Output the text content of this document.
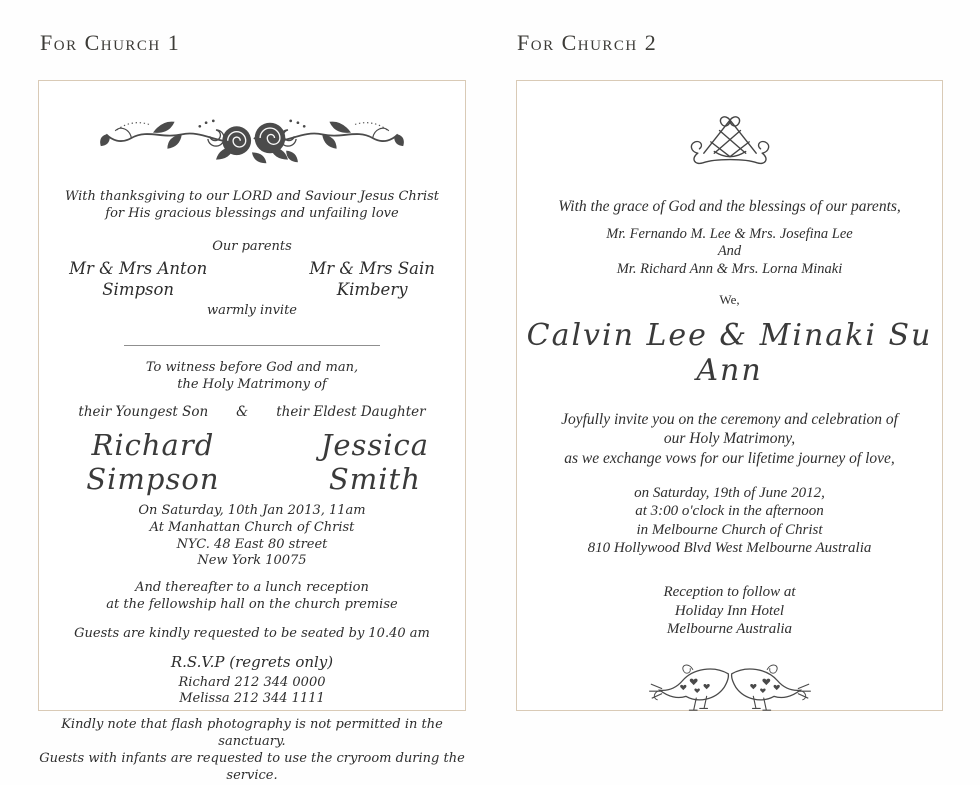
For Church 1	For Church 2
With thanksgiving to our LORD and Saviour Jesus Christ
for His gracious blessings and unfailing love
Our parents
Mr & Mrs Anton Simpson
Mr & Mrs Sain Kimbery
warmly invite
To witness before God and man,
the Holy Matrimony of
their Youngest Son & their Eldest Daughter
Richard Simpson
Jessica Smith
On Saturday, 10th Jan 2013, 11am
At Manhattan Church of Christ
NYC. 48 East 80 street
New York 10075
And thereafter to a lunch reception
at the fellowship hall on the church premise
Guests are kindly requested to be seated by 10.40 am
R.S.V.P (regrets only)
Richard 212 344 0000
Melissa 212 344 1111
Kindly note that flash photography is not permitted in the sanctuary.
Guests with infants are requested to use the cryroom during the service.
With the grace of God and the blessings of our parents,
Mr. Fernando M. Lee & Mrs. Josefina Lee
And
Mr. Richard Ann & Mrs. Lorna Minaki
We,
Calvin Lee & Minaki Su Ann
Joyfully invite you on the ceremony and celebration of
our Holy Matrimony,
as we exchange vows for our lifetime journey of love,
on Saturday, 19th of June 2012,
at 3:00 o'clock in the afternoon
in Melbourne Church of Christ
810 Hollywood Blvd West Melbourne Australia
Reception to follow at
Holiday Inn Hotel
Melbourne Australia
